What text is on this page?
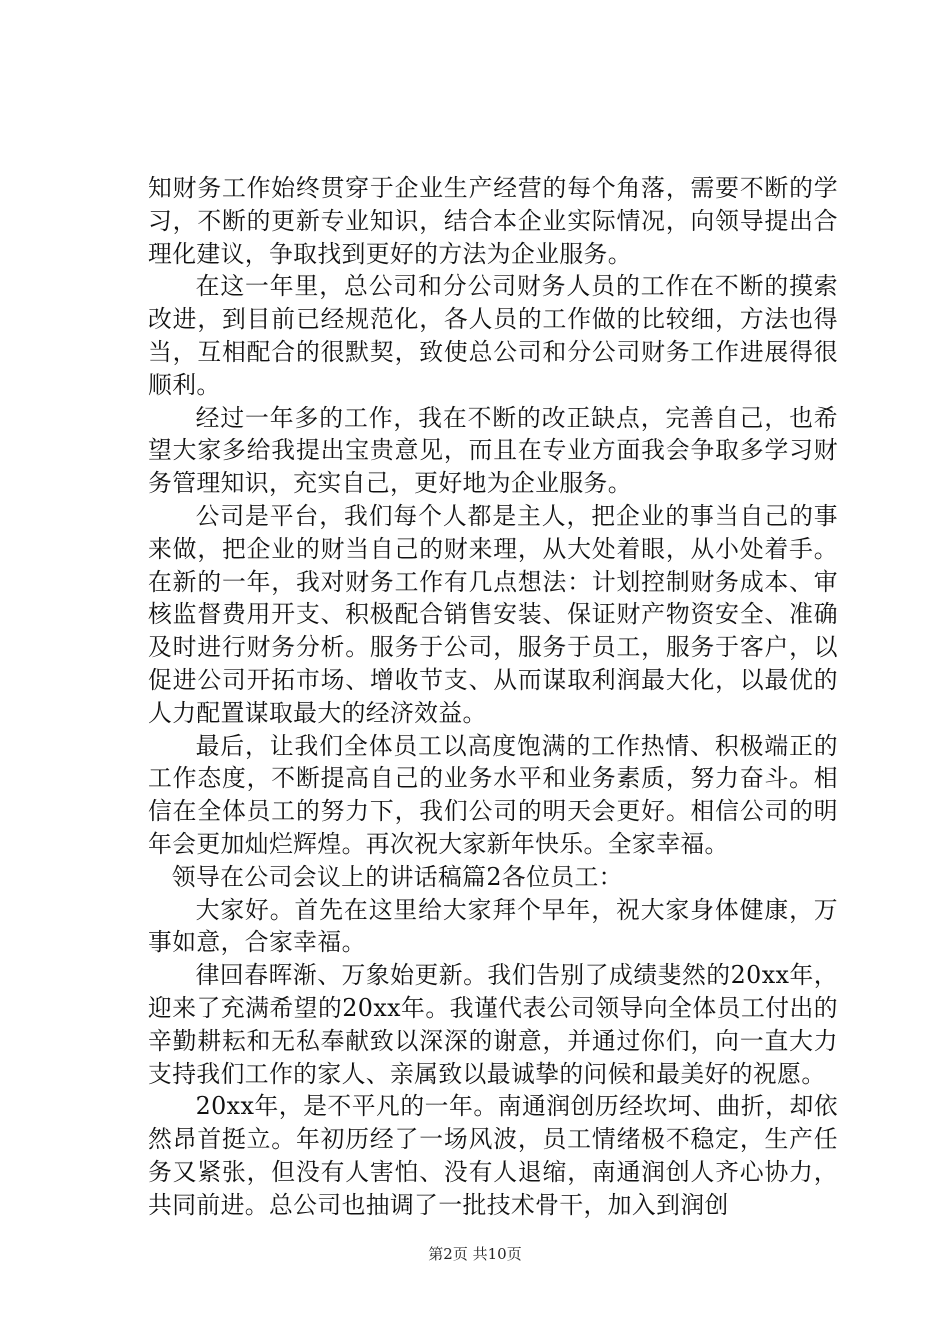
知财务工作始终贯穿于企业生产经营的每个角落，需要不断的学习，不断的更新专业知识，结合本企业实际情况，向领导提出合理化建议，争取找到更好的方法为企业服务。

在这一年里，总公司和分公司财务人员的工作在不断的摸索改进，到目前已经规范化，各人员的工作做的比较细，方法也得当，互相配合的很默契，致使总公司和分公司财务工作进展得很顺利。

经过一年多的工作，我在不断的改正缺点，完善自己，也希望大家多给我提出宝贵意见，而且在专业方面我会争取多学习财务管理知识，充实自己，更好地为企业服务。

公司是平台，我们每个人都是主人，把企业的事当自己的事来做，把企业的财当自己的财来理，从大处着眼，从小处着手。在新的一年，我对财务工作有几点想法：计划控制财务成本、审核监督费用开支、积极配合销售安装、保证财产物资安全、准确及时进行财务分析。服务于公司，服务于员工，服务于客户，以促进公司开拓市场、增收节支、从而谋取利润最大化，以最优的人力配置谋取最大的经济效益。

最后，让我们全体员工以高度饱满的工作热情、积极端正的工作态度，不断提高自己的业务水平和业务素质，努力奋斗。相信在全体员工的努力下，我们公司的明天会更好。相信公司的明年会更加灿烂辉煌。再次祝大家新年快乐。全家幸福。

领导在公司会议上的讲话稿篇2各位员工：

大家好。首先在这里给大家拜个早年，祝大家身体健康，万事如意，合家幸福。

律回春晖渐、万象始更新。我们告别了成绩斐然的20xx年，迎来了充满希望的20xx年。我谨代表公司领导向全体员工付出的辛勤耕耘和无私奉献致以深深的谢意，并通过你们，向一直大力支持我们工作的家人、亲属致以最诚挚的问候和最美好的祝愿。

20xx年，是不平凡的一年。南通润创历经坎坷、曲折，却依然昂首挺立。年初历经了一场风波，员工情绪极不稳定，生产任务又紧张，但没有人害怕、没有人退缩，南通润创人齐心协力，共同前进。总公司也抽调了一批技术骨干，加入到润创

第2页 共10页
